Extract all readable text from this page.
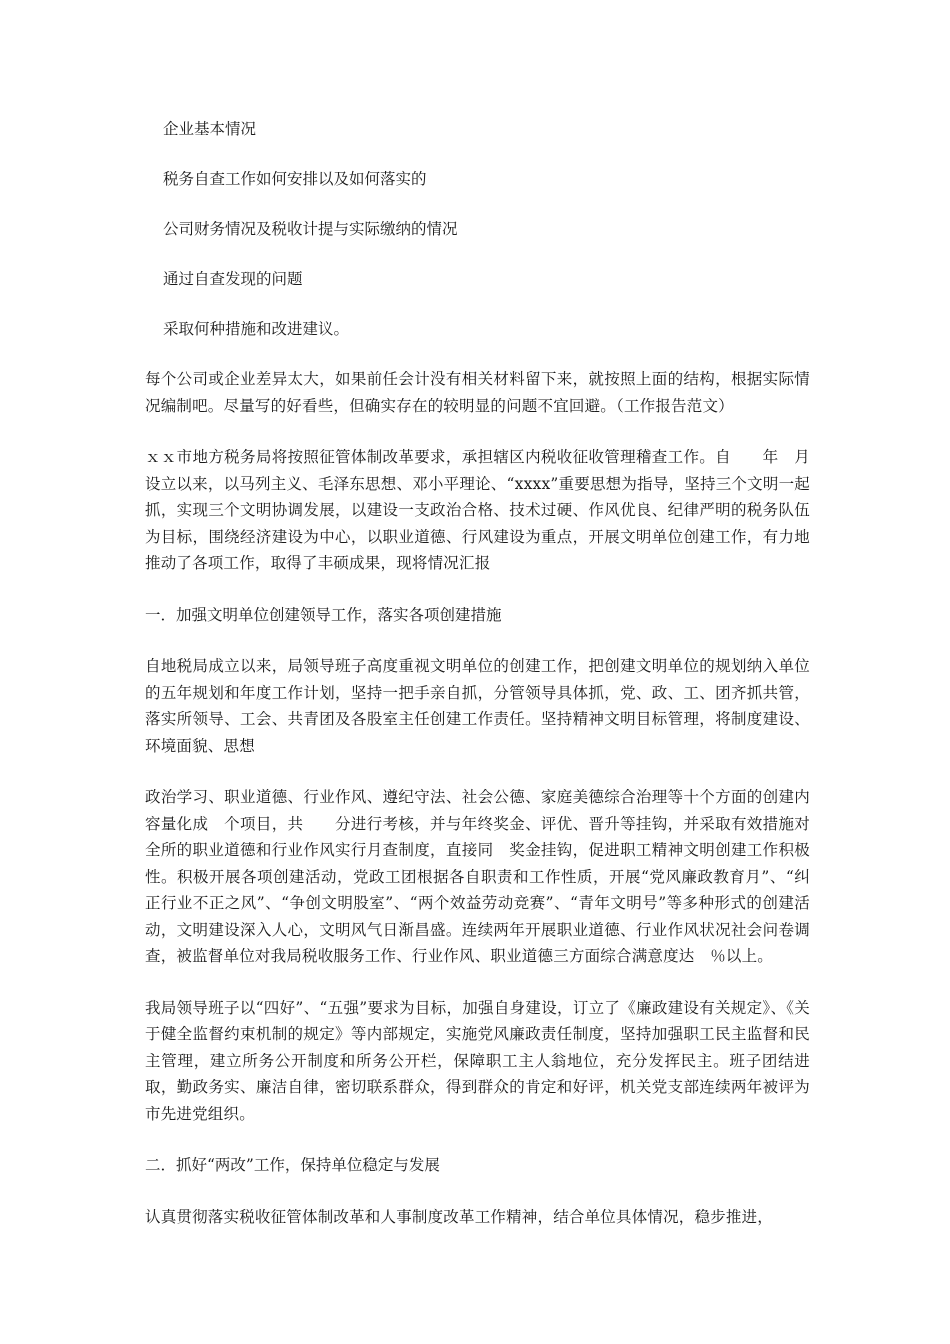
企业基本情况
税务自查工作如何安排以及如何落实的
公司财务情况及税收计提与实际缴纳的情况
通过自查发现的问题
采取何种措施和改进建议。

每个公司或企业差异太大，如果前任会计没有相关材料留下来，就按照上面的结构，根据实际情况编制吧。尽量写的好看些，但确实存在的较明显的问题不宜回避。（工作报告范文）

ｘｘ市地方税务局将按照征管体制改革要求，承担辖区内税收征收管理稽查工作。自　　年　月设立以来，以马列主义、毛泽东思想、邓小平理论、“xxxx”重要思想为指导，坚持三个文明一起抓，实现三个文明协调发展，以建设一支政治合格、技术过硬、作风优良、纪律严明的税务队伍为目标，围绕经济建设为中心，以职业道德、行风建设为重点，开展文明单位创建工作，有力地推动了各项工作，取得了丰硕成果，现将情况汇报

一．加强文明单位创建领导工作，落实各项创建措施

自地税局成立以来，局领导班子高度重视文明单位的创建工作，把创建文明单位的规划纳入单位的五年规划和年度工作计划，坚持一把手亲自抓，分管领导具体抓，党、政、工、团齐抓共管，落实所领导、工会、共青团及各股室主任创建工作责任。坚持精神文明目标管理，将制度建设、环境面貌、思想

政治学习、职业道德、行业作风、遵纪守法、社会公德、家庭美德综合治理等十个方面的创建内容量化成　个项目，共　　分进行考核，并与年终奖金、评优、晋升等挂钩，并采取有效措施对全所的职业道德和行业作风实行月查制度，直接同　奖金挂钩，促进职工精神文明创建工作积极性。积极开展各项创建活动，党政工团根据各自职责和工作性质，开展“党风廉政教育月”、“纠正行业不正之风”、“争创文明股室”、“两个效益劳动竞赛”、“青年文明号”等多种形式的创建活动，文明建设深入人心，文明风气日渐昌盛。连续两年开展职业道德、行业作风状况社会问卷调查，被监督单位对我局税收服务工作、行业作风、职业道德三方面综合满意度达　％以上。

我局领导班子以“四好”、“五强”要求为目标，加强自身建设，订立了《廉政建设有关规定》、《关于健全监督约束机制的规定》等内部规定，实施党风廉政责任制度，坚持加强职工民主监督和民主管理，建立所务公开制度和所务公开栏，保障职工主人翁地位，充分发挥民主。班子团结进取，勤政务实、廉洁自律，密切联系群众，得到群众的肯定和好评，机关党支部连续两年被评为市先进党组织。

二．抓好“两改”工作，保持单位稳定与发展

认真贯彻落实税收征管体制改革和人事制度改革工作精神，结合单位具体情况，稳步推进，
